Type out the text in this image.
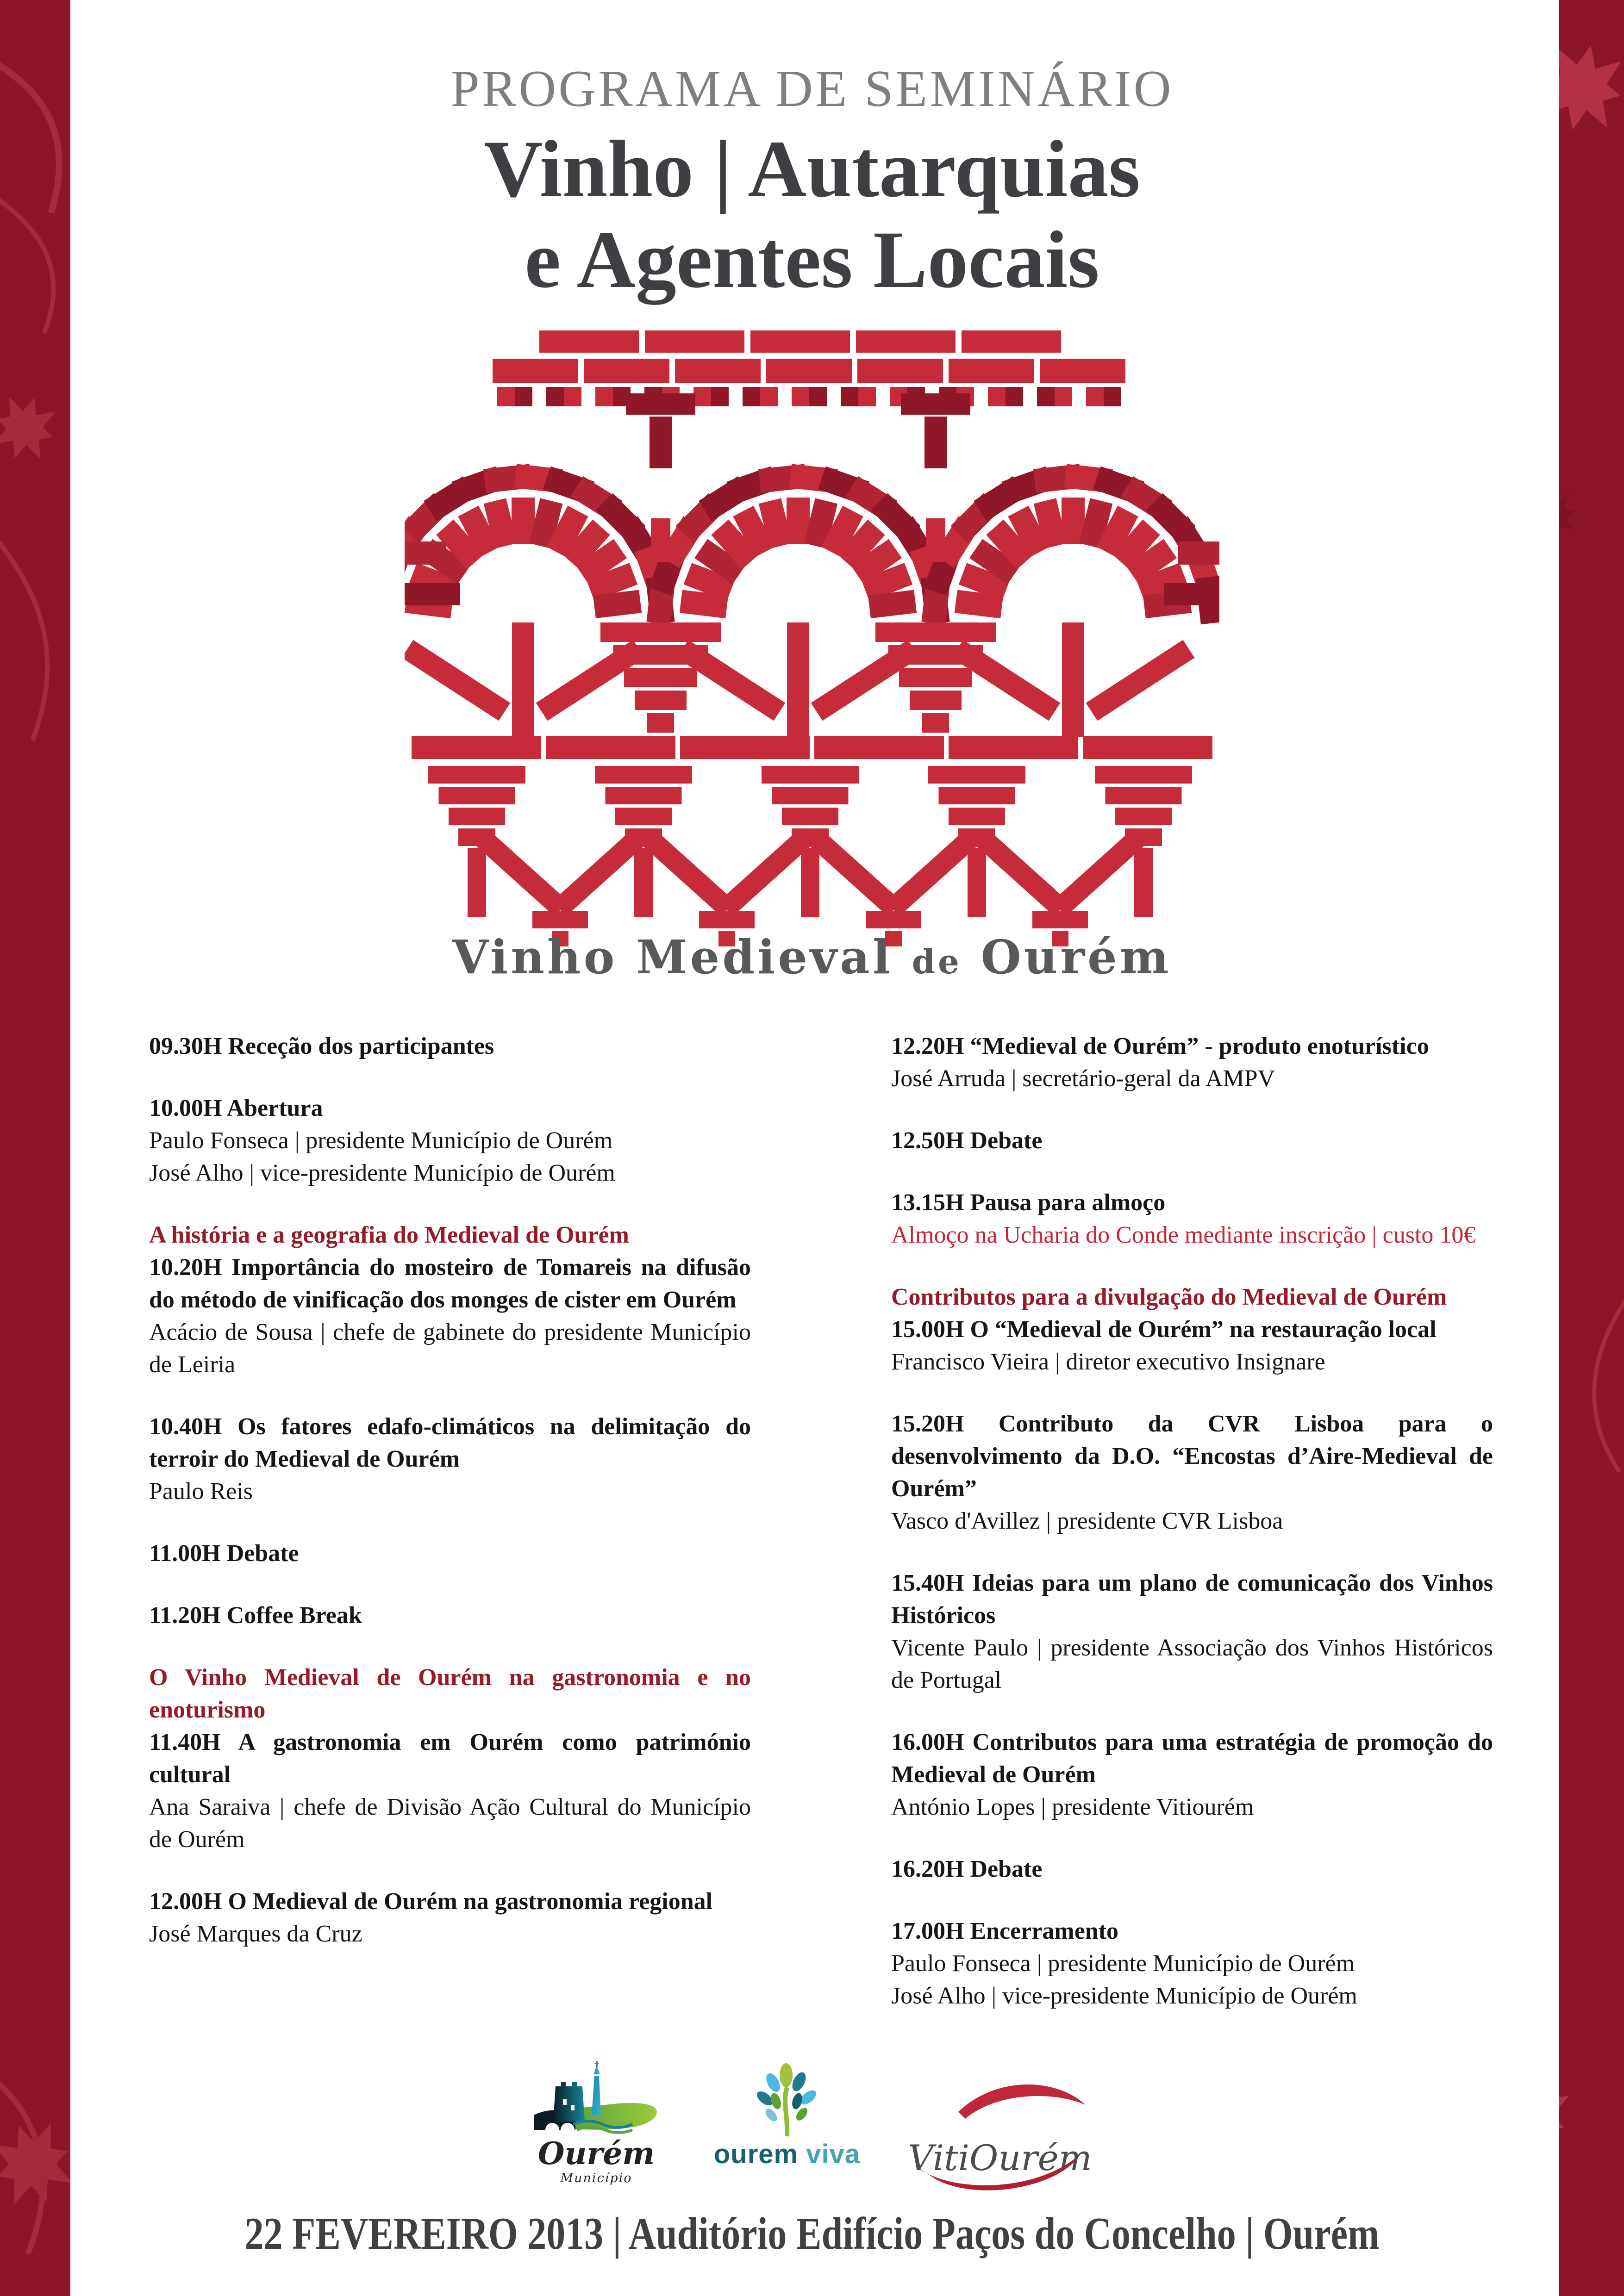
PROGRAMA DE SEMINÁRIO
Vinho | Autarquias
e Agentes Locais
Vinho Medieval de Ourém

09.30H Receção dos participantes

10.00H Abertura

Paulo Fonseca | presidente Município de Ourém

José Alho | vice-presidente Município de Ourém

A história e a geografia do Medieval de Ourém

10.20H Importância do mosteiro de Tomareis na difusão do método de vinificação dos monges de cister em Ourém

Acácio de Sousa | chefe de gabinete do presidente Município de Leiria

10.40H Os fatores edafo-climáticos na delimitação do terroir do Medieval de Ourém

Paulo Reis

11.00H Debate

11.20H Coffee Break

O Vinho Medieval de Ourém na gastronomia e no enoturismo

11.40H A gastronomia em Ourém como património cultural

Ana Saraiva | chefe de Divisão Ação Cultural do Município de Ourém

12.00H O Medieval de Ourém na gastronomia regional

José Marques da Cruz

12.20H “Medieval de Ourém” - produto enoturístico

José Arruda | secretário-geral da AMPV

12.50H Debate

13.15H Pausa para almoço

Almoço na Ucharia do Conde mediante inscrição | custo 10€

Contributos para a divulgação do Medieval de Ourém

15.00H O “Medieval de Ourém” na restauração local

Francisco Vieira | diretor executivo Insignare

15.20H Contributo da CVR Lisboa para o desenvolvimento da D.O. “Encostas d’Aire-Medieval de Ourém”

Vasco d'Avillez | presidente CVR Lisboa

15.40H Ideias para um plano de comunicação dos Vinhos Históricos

Vicente Paulo | presidente Associação dos Vinhos Históricos de Portugal

16.00H Contributos para uma estratégia de promoção do Medieval de Ourém

António Lopes | presidente Vitiourém

16.20H Debate

17.00H Encerramento

Paulo Fonseca | presidente Município de Ourém

José Alho | vice-presidente Município de Ourém

Ourém
Município
ourem viva VitiOurém
22 FEVEREIRO 2013 | Auditório Edifício Paços do Concelho | Ourém
